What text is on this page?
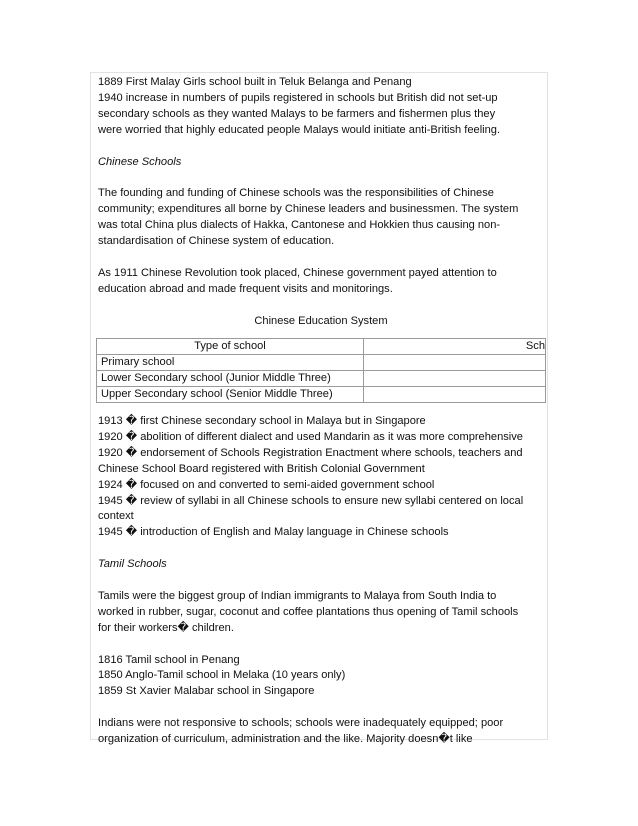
1889 First Malay Girls school built in Teluk Belanga and Penang

1940 increase in numbers of pupils registered in schools but British did not set-up

secondary schools as they wanted Malays to be farmers and fishermen plus they

were worried that highly educated people Malays would initiate anti-British feeling.

Chinese Schools

The founding and funding of Chinese schools was the responsibilities of Chinese

community; expenditures all borne by Chinese leaders and businessmen. The system

was total China plus dialects of Hakka, Cantonese and Hokkien thus causing non-

standardisation of Chinese system of education.

As 1911 Chinese Revolution took placed, Chinese government payed attention to

education abroad and made frequent visits and monitorings.

Chinese Education System

Type of school	Sch
Primary school	
Lower Secondary school (Junior Middle Three)	
Upper Secondary school (Senior Middle Three)	

1913 � first Chinese secondary school in Malaya but in Singapore

1920 � abolition of different dialect and used Mandarin as it was more comprehensive

1920 � endorsement of Schools Registration Enactment where schools, teachers and

Chinese School Board registered with British Colonial Government

1924 � focused on and converted to semi-aided government school

1945 � review of syllabi in all Chinese schools to ensure new syllabi centered on local

context

1945 � introduction of English and Malay language in Chinese schools

Tamil Schools

Tamils were the biggest group of Indian immigrants to Malaya from South India to

worked in rubber, sugar, coconut and coffee plantations thus opening of Tamil schools

for their workers� children.

1816 Tamil school in Penang

1850 Anglo-Tamil school in Melaka (10 years only)

1859 St Xavier Malabar school in Singapore

Indians were not responsive to schools; schools were inadequately equipped; poor

organization of curriculum, administration and the like. Majority doesn�t like
